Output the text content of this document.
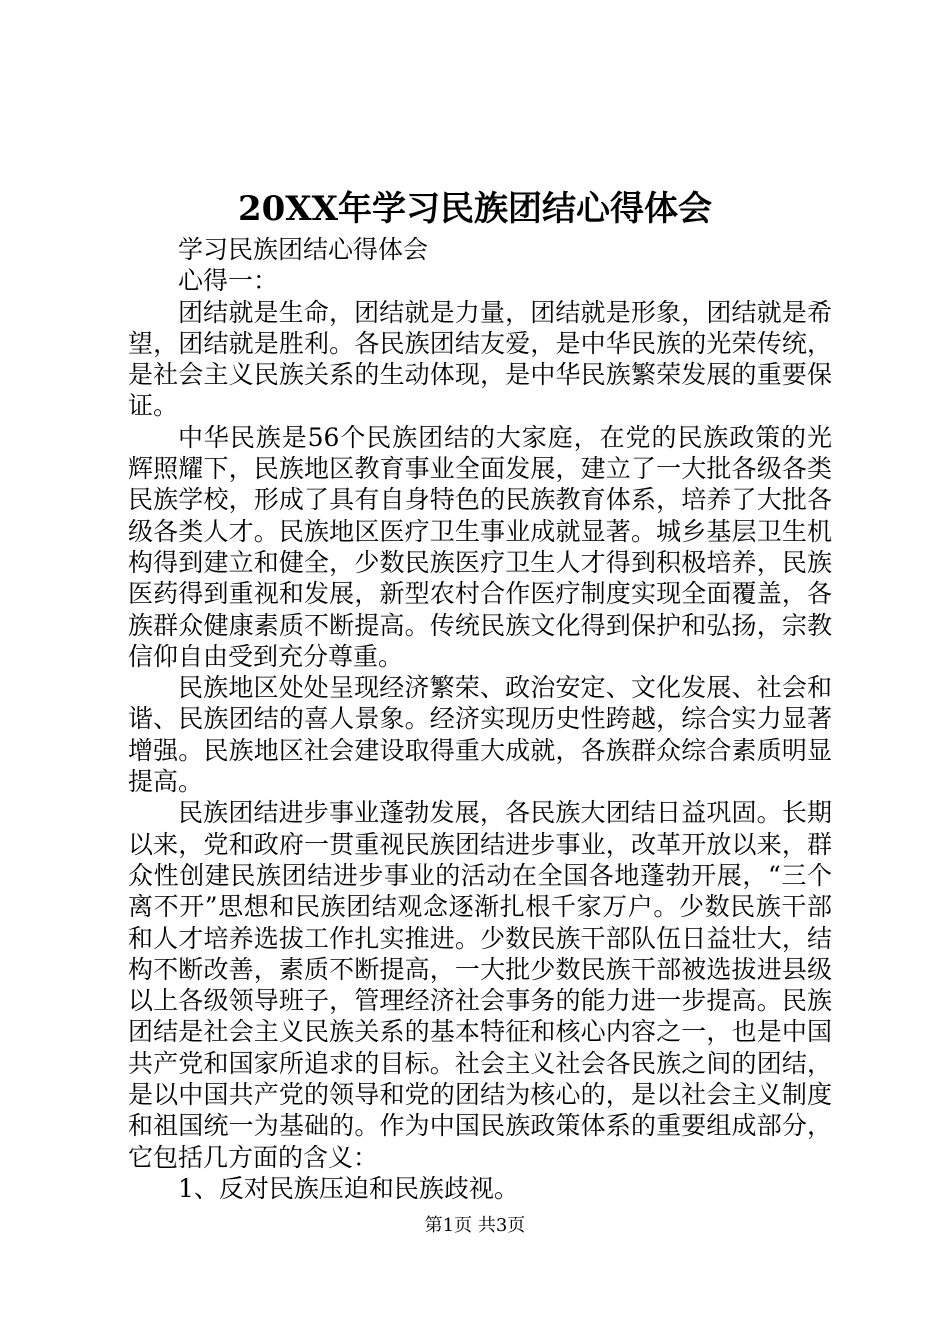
20XX年学习民族团结心得体会

学习民族团结心得体会

心得一：

团结就是生命，团结就是力量，团结就是形象，团结就是希望，团结就是胜利。各民族团结友爱，是中华民族的光荣传统，是社会主义民族关系的生动体现，是中华民族繁荣发展的重要保证。

中华民族是56个民族团结的大家庭，在党的民族政策的光辉照耀下，民族地区教育事业全面发展，建立了一大批各级各类民族学校，形成了具有自身特色的民族教育体系，培养了大批各级各类人才。民族地区医疗卫生事业成就显著。城乡基层卫生机构得到建立和健全，少数民族医疗卫生人才得到积极培养，民族医药得到重视和发展，新型农村合作医疗制度实现全面覆盖，各族群众健康素质不断提高。传统民族文化得到保护和弘扬，宗教信仰自由受到充分尊重。

民族地区处处呈现经济繁荣、政治安定、文化发展、社会和谐、民族团结的喜人景象。经济实现历史性跨越，综合实力显著增强。民族地区社会建设取得重大成就，各族群众综合素质明显提高。

民族团结进步事业蓬勃发展，各民族大团结日益巩固。长期以来，党和政府一贯重视民族团结进步事业，改革开放以来，群众性创建民族团结进步事业的活动在全国各地蓬勃开展，“三个离不开”思想和民族团结观念逐渐扎根千家万户。少数民族干部和人才培养选拔工作扎实推进。少数民族干部队伍日益壮大，结构不断改善，素质不断提高，一大批少数民族干部被选拔进县级以上各级领导班子，管理经济社会事务的能力进一步提高。民族团结是社会主义民族关系的基本特征和核心内容之一，也是中国共产党和国家所追求的目标。社会主义社会各民族之间的团结，是以中国共产党的领导和党的团结为核心的，是以社会主义制度和祖国统一为基础的。作为中国民族政策体系的重要组成部分，它包括几方面的含义：

1、反对民族压迫和民族歧视。

第1页 共3页
